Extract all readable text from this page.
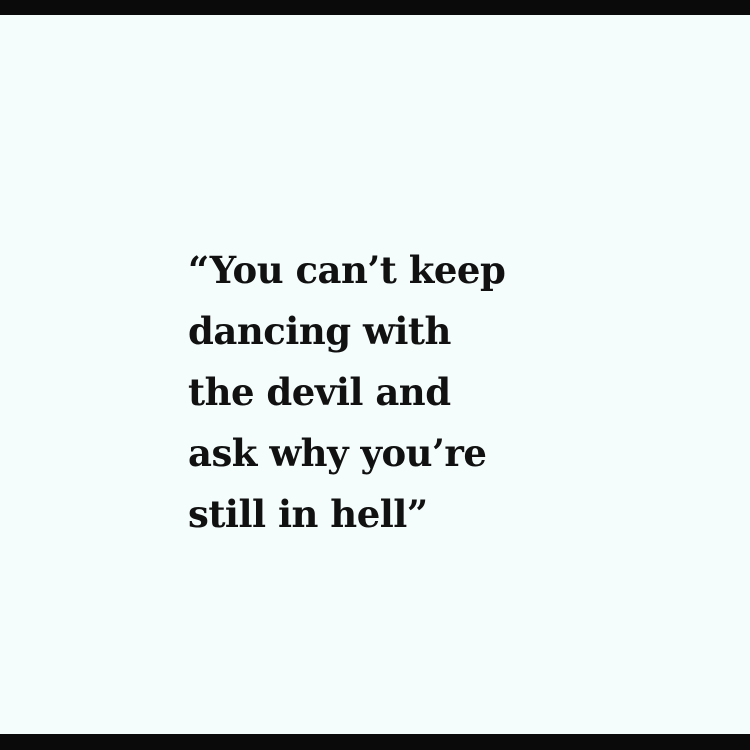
“You can’t keep
dancing with
the devil and
ask why you’re
still in hell”
